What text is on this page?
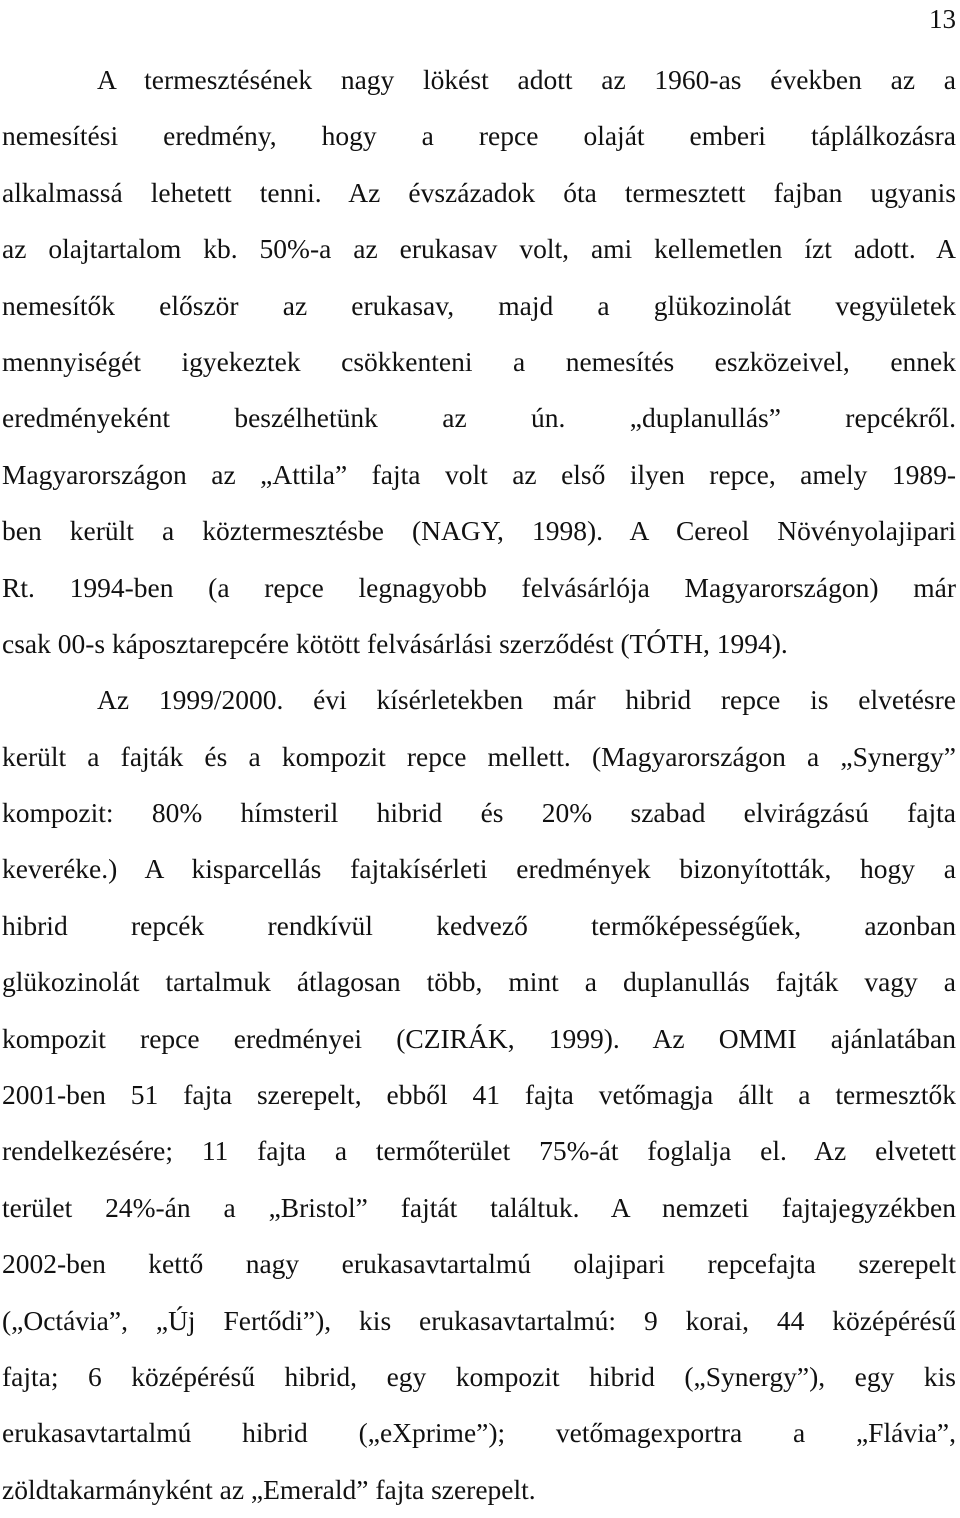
13
A termesztésének nagy lökést adott az 1960-as években az a
nemesítési eredmény, hogy a repce olaját emberi táplálkozásra
alkalmassá lehetett tenni. Az évszázadok óta termesztett fajban ugyanis
az olajtartalom kb. 50%-a az erukasav volt, ami kellemetlen ízt adott. A
nemesítők először az erukasav, majd a glükozinolát vegyületek
mennyiségét igyekeztek csökkenteni a nemesítés eszközeivel, ennek
eredményeként beszélhetünk az ún. „duplanullás” repcékről.
Magyarországon az „Attila” fajta volt az első ilyen repce, amely 1989-
ben került a köztermesztésbe (NAGY, 1998). A Cereol Növényolajipari
Rt. 1994-ben (a repce legnagyobb felvásárlója Magyarországon) már
csak 00-s káposztarepcére kötött felvásárlási szerződést (TÓTH, 1994).
Az 1999/2000. évi kísérletekben már hibrid repce is elvetésre
került a fajták és a kompozit repce mellett. (Magyarországon a „Synergy”
kompozit: 80% hímsteril hibrid és 20% szabad elvirágzású fajta
keveréke.) A kisparcellás fajtakísérleti eredmények bizonyították, hogy a
hibrid repcék rendkívül kedvező termőképességűek, azonban
glükozinolát tartalmuk átlagosan több, mint a duplanullás fajták vagy a
kompozit repce eredményei (CZIRÁK, 1999). Az OMMI ajánlatában
2001-ben 51 fajta szerepelt, ebből 41 fajta vetőmagja állt a termesztők
rendelkezésére; 11 fajta a termőterület 75%-át foglalja el. Az elvetett
terület 24%-án a „Bristol” fajtát találtuk. A nemzeti fajtajegyzékben
2002-ben kettő nagy erukasavtartalmú olajipari repcefajta szerepelt
(„Octávia”, „Új Fertődi”), kis erukasavtartalmú: 9 korai, 44 középérésű
fajta; 6 középérésű hibrid, egy kompozit hibrid („Synergy”), egy kis
erukasavtartalmú hibrid („eXprime”); vetőmagexportra a „Flávia”,
zöldtakarmányként az „Emerald” fajta szerepelt.
